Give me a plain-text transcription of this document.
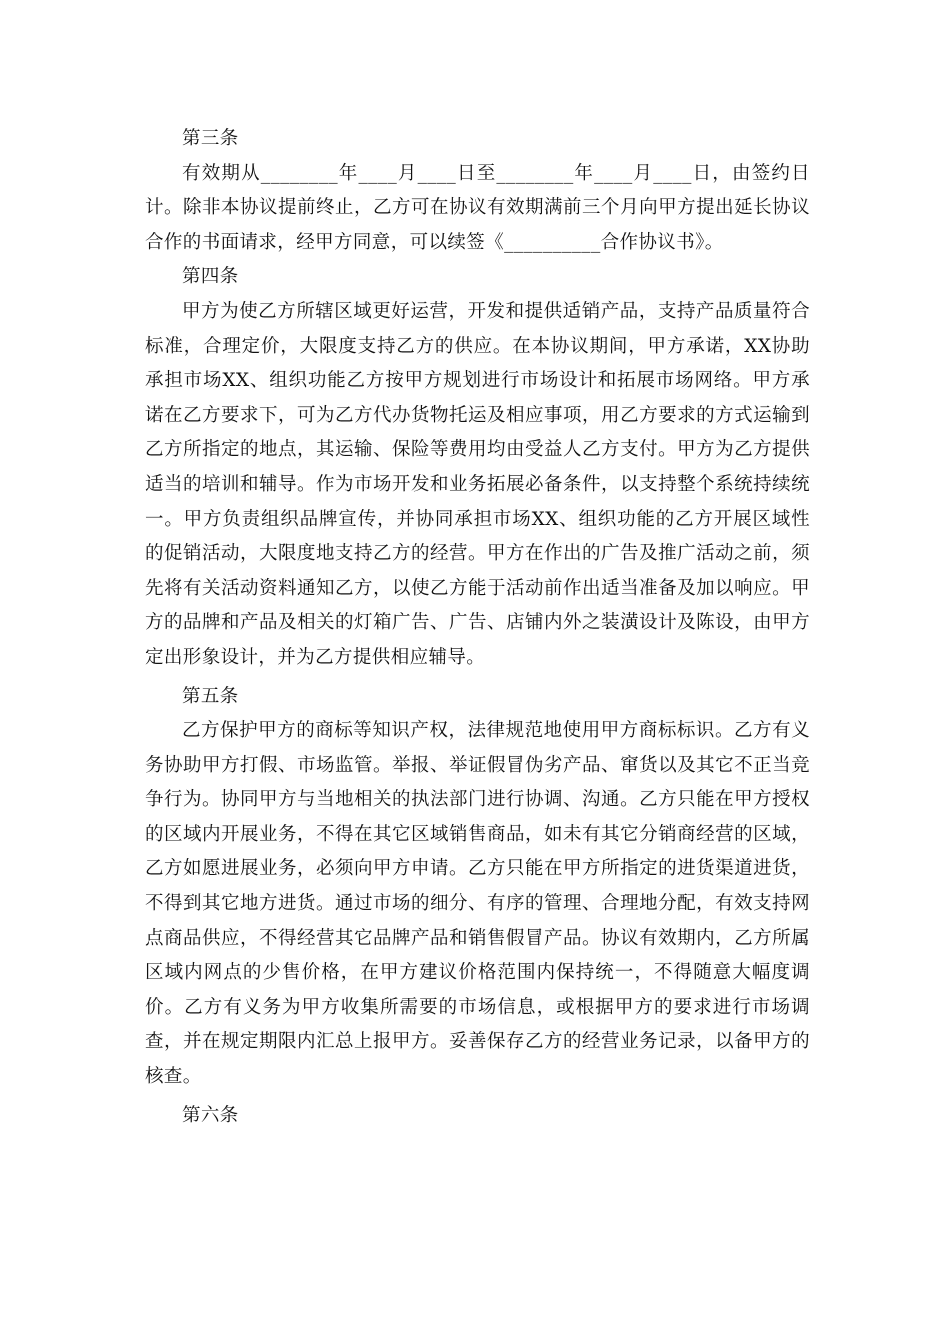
第三条

有效期从________年____月____日至________年____月____日，由签约日计。除非本协议提前终止，乙方可在协议有效期满前三个月向甲方提出延长协议合作的书面请求，经甲方同意，可以续签《__________合作协议书》。

第四条

甲方为使乙方所辖区域更好运营，开发和提供适销产品，支持产品质量符合标准，合理定价，大限度支持乙方的供应。在本协议期间，甲方承诺，XX协助承担市场XX、组织功能乙方按甲方规划进行市场设计和拓展市场网络。甲方承诺在乙方要求下，可为乙方代办货物托运及相应事项，用乙方要求的方式运输到乙方所指定的地点，其运输、保险等费用均由受益人乙方支付。甲方为乙方提供适当的培训和辅导。作为市场开发和业务拓展必备条件，以支持整个系统持续统一。甲方负责组织品牌宣传，并协同承担市场XX、组织功能的乙方开展区域性的促销活动，大限度地支持乙方的经营。甲方在作出的广告及推广活动之前，须先将有关活动资料通知乙方，以使乙方能于活动前作出适当准备及加以响应。甲方的品牌和产品及相关的灯箱广告、广告、店铺内外之装潢设计及陈设，由甲方定出形象设计，并为乙方提供相应辅导。

第五条

乙方保护甲方的商标等知识产权，法律规范地使用甲方商标标识。乙方有义务协助甲方打假、市场监管。举报、举证假冒伪劣产品、窜货以及其它不正当竞争行为。协同甲方与当地相关的执法部门进行协调、沟通。乙方只能在甲方授权的区域内开展业务，不得在其它区域销售商品，如未有其它分销商经营的区域，乙方如愿进展业务，必须向甲方申请。乙方只能在甲方所指定的进货渠道进货，不得到其它地方进货。通过市场的细分、有序的管理、合理地分配，有效支持网点商品供应，不得经营其它品牌产品和销售假冒产品。协议有效期内，乙方所属区域内网点的少售价格，在甲方建议价格范围内保持统一，不得随意大幅度调价。乙方有义务为甲方收集所需要的市场信息，或根据甲方的要求进行市场调查，并在规定期限内汇总上报甲方。妥善保存乙方的经营业务记录，以备甲方的核查。

第六条
